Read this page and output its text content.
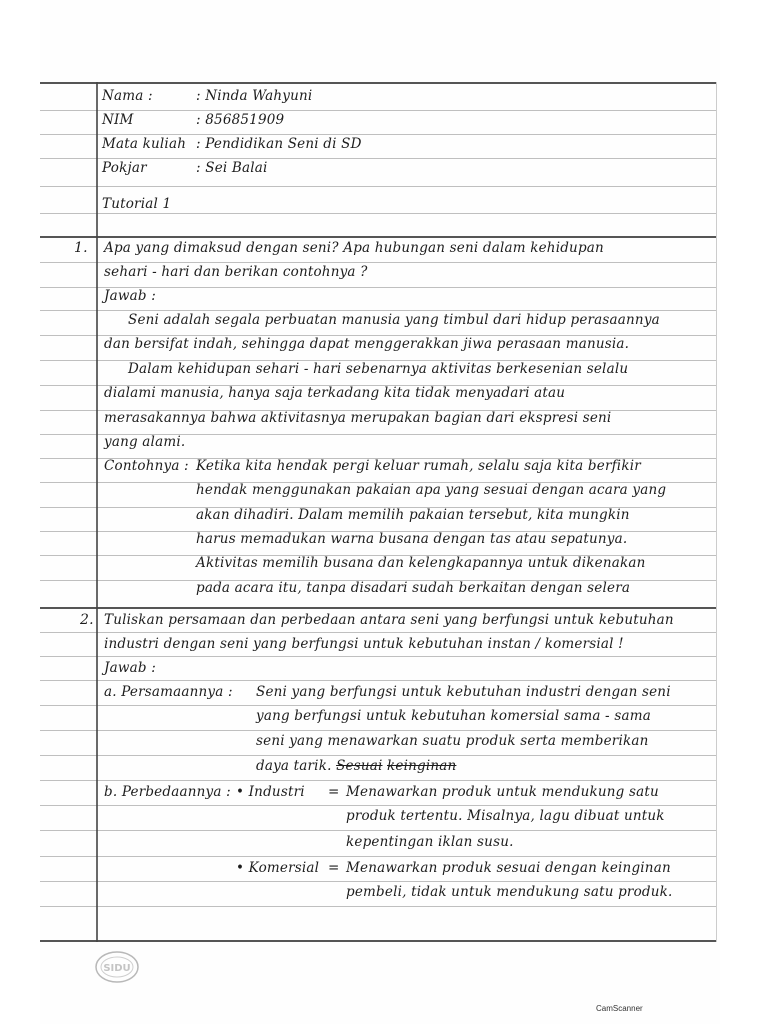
Nama :	: Ninda Wahyuni
NIM	: 856851909
Mata kuliah : Pendidikan Seni di SD
Pokjar	: Sei Balai
Tutorial 1
1. Apa yang dimaksud dengan seni? Apa hubungan seni dalam kehidupan
sehari - hari dan berikan contohnya ?
Jawab :
Seni adalah segala perbuatan manusia yang timbul dari hidup perasaannya
dan bersifat indah, sehingga dapat menggerakkan jiwa perasaan manusia.
Dalam kehidupan sehari - hari sebenarnya aktivitas berkesenian selalu
dialami manusia, hanya saja terkadang kita tidak menyadari atau
merasakannya bahwa aktivitasnya merupakan bagian dari ekspresi seni
yang alami.
Contohnya : Ketika kita hendak pergi keluar rumah, selalu saja kita berfikir
hendak menggunakan pakaian apa yang sesuai dengan acara yang
akan dihadiri. Dalam memilih pakaian tersebut, kita mungkin
harus memadukan warna busana dengan tas atau sepatunya.
Aktivitas memilih busana dan kelengkapannya untuk dikenakan
pada acara itu, tanpa disadari sudah berkaitan dengan selera
2. Tuliskan persamaan dan perbedaan antara seni yang berfungsi untuk kebutuhan
industri dengan seni yang berfungsi untuk kebutuhan instan / komersial !
Jawab :
a. Persamaannya : Seni yang berfungsi untuk kebutuhan industri dengan seni
yang berfungsi untuk kebutuhan komersial sama - sama
seni yang menawarkan suatu produk serta memberikan
daya tarik. Sesuai keinginan
b. Perbedaannya : • Industri = Menawarkan produk untuk mendukung satu
produk tertentu. Misalnya, lagu dibuat untuk
kepentingan iklan susu.
• Komersial = Menawarkan produk sesuai dengan keinginan
pembeli, tidak untuk mendukung satu produk.
SIDU
CamScanner
